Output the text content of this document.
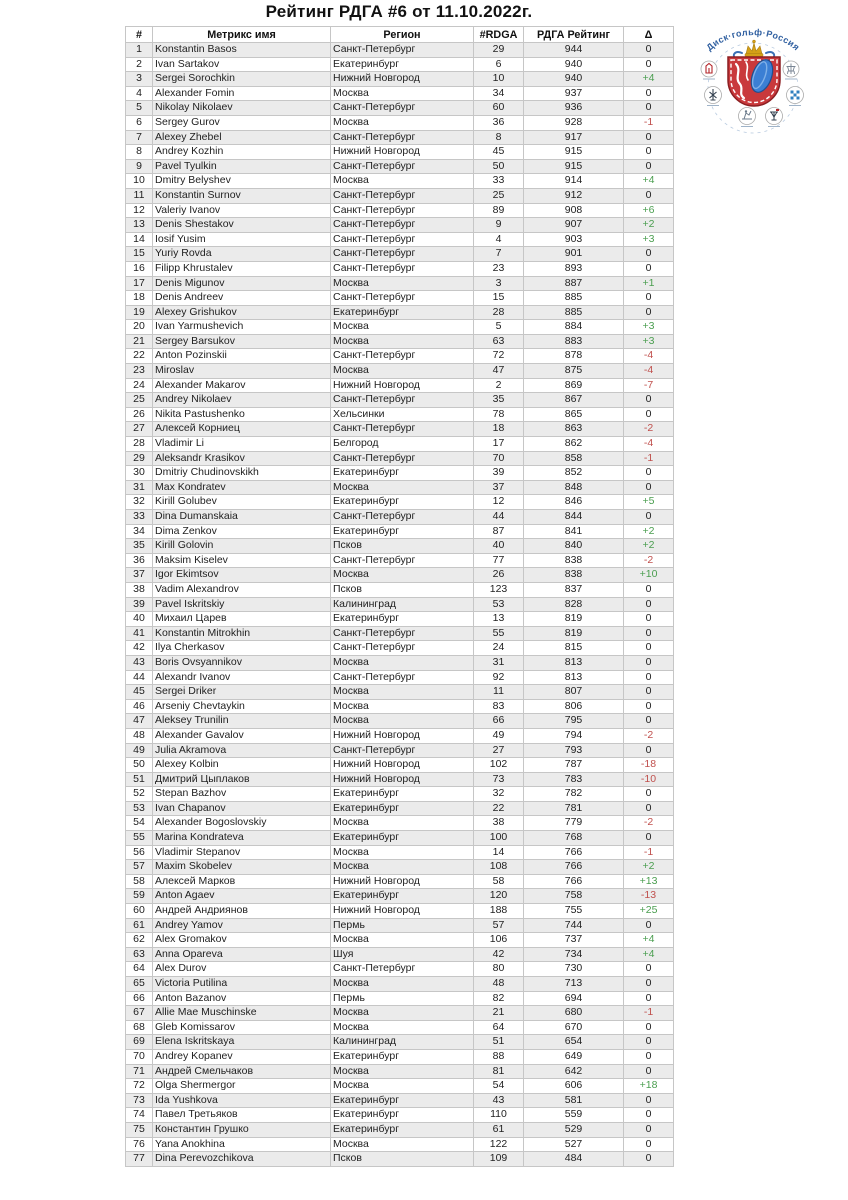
Рейтинг РДГА #6 от 11.10.2022г.
Диск·гольф·Россия
#	Метрикс имя	Регион	#RDGA	РДГА Рейтинг	Δ
1	Konstantin Basos	Санкт-Петербург	29	944	0
2	Ivan Sartakov	Екатеринбург	6	940	0
3	Sergei Sorochkin	Нижний Новгород	10	940	+4
4	Alexander Fomin	Москва	34	937	0
5	Nikolay Nikolaev	Санкт-Петербург	60	936	0
6	Sergey Gurov	Москва	36	928	-1
7	Alexey Zhebel	Санкт-Петербург	8	917	0
8	Andrey Kozhin	Нижний Новгород	45	915	0
9	Pavel Tyulkin	Санкт-Петербург	50	915	0
10	Dmitry Belyshev	Москва	33	914	+4
11	Konstantin Surnov	Санкт-Петербург	25	912	0
12	Valeriy Ivanov	Санкт-Петербург	89	908	+6
13	Denis Shestakov	Санкт-Петербург	9	907	+2
14	Iosif Yusim	Санкт-Петербург	4	903	+3
15	Yuriy Rovda	Санкт-Петербург	7	901	0
16	Filipp Khrustalev	Санкт-Петербург	23	893	0
17	Denis Migunov	Москва	3	887	+1
18	Denis Andreev	Санкт-Петербург	15	885	0
19	Alexey Grishukov	Екатеринбург	28	885	0
20	Ivan Yarmushevich	Москва	5	884	+3
21	Sergey Barsukov	Москва	63	883	+3
22	Anton Pozinskii	Санкт-Петербург	72	878	-4
23	Miroslav	Москва	47	875	-4
24	Alexander Makarov	Нижний Новгород	2	869	-7
25	Andrey Nikolaev	Санкт-Петербург	35	867	0
26	Nikita Pastushenko	Хельсинки	78	865	0
27	Алексей Корниец	Санкт-Петербург	18	863	-2
28	Vladimir Li	Белгород	17	862	-4
29	Aleksandr Krasikov	Санкт-Петербург	70	858	-1
30	Dmitriy Chudinovskikh	Екатеринбург	39	852	0
31	Max Kondratev	Москва	37	848	0
32	Kirill Golubev	Екатеринбург	12	846	+5
33	Dina Dumanskaia	Санкт-Петербург	44	844	0
34	Dima Zenkov	Екатеринбург	87	841	+2
35	Kirill Golovin	Псков	40	840	+2
36	Maksim Kiselev	Санкт-Петербург	77	838	-2
37	Igor Ekimtsov	Москва	26	838	+10
38	Vadim Alexandrov	Псков	123	837	0
39	Pavel Iskritskiy	Калининград	53	828	0
40	Михаил Царев	Екатеринбург	13	819	0
41	Konstantin Mitrokhin	Санкт-Петербург	55	819	0
42	Ilya Cherkasov	Санкт-Петербург	24	815	0
43	Boris Ovsyannikov	Москва	31	813	0
44	Alexandr Ivanov	Санкт-Петербург	92	813	0
45	Sergei Driker	Москва	11	807	0
46	Arseniy Chevtaykin	Москва	83	806	0
47	Aleksey Trunilin	Москва	66	795	0
48	Alexander Gavalov	Нижний Новгород	49	794	-2
49	Julia Akramova	Санкт-Петербург	27	793	0
50	Alexey Kolbin	Нижний Новгород	102	787	-18
51	Дмитрий Цыплаков	Нижний Новгород	73	783	-10
52	Stepan Bazhov	Екатеринбург	32	782	0
53	Ivan Chapanov	Екатеринбург	22	781	0
54	Alexander Bogoslovskiy	Москва	38	779	-2
55	Marina Kondrateva	Екатеринбург	100	768	0
56	Vladimir Stepanov	Москва	14	766	-1
57	Maxim Skobelev	Москва	108	766	+2
58	Алексей Марков	Нижний Новгород	58	766	+13
59	Anton Agaev	Екатеринбург	120	758	-13
60	Андрей Андриянов	Нижний Новгород	188	755	+25
61	Andrey Yamov	Пермь	57	744	0
62	Alex Gromakov	Москва	106	737	+4
63	Anna Opareva	Шуя	42	734	+4
64	Alex Durov	Санкт-Петербург	80	730	0
65	Victoria Putilina	Москва	48	713	0
66	Anton Bazanov	Пермь	82	694	0
67	Allie Mae Muschinske	Москва	21	680	-1
68	Gleb Komissarov	Москва	64	670	0
69	Elena Iskritskaya	Калининград	51	654	0
70	Andrey Kopanev	Екатеринбург	88	649	0
71	Андрей Смельчаков	Москва	81	642	0
72	Olga Shermergor	Москва	54	606	+18
73	Ida Yushkova	Екатеринбург	43	581	0
74	Павел Третьяков	Екатеринбург	110	559	0
75	Константин Грушко	Екатеринбург	61	529	0
76	Yana Anokhina	Москва	122	527	0
77	Dina Perevozchikova	Псков	109	484	0
